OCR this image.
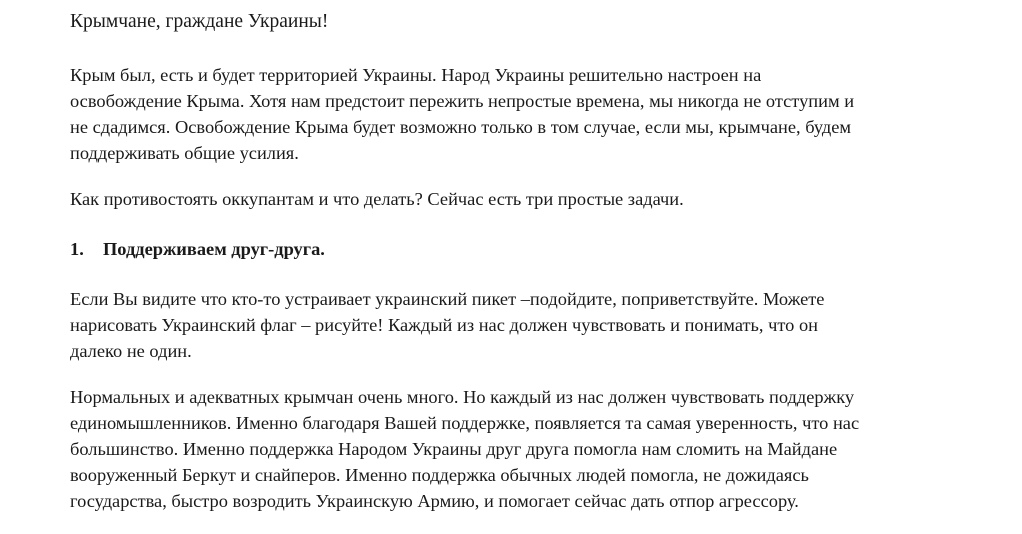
Крымчане, граждане Украины!
Крым был, есть и будет территорией Украины. Народ Украины решительно настроен на
освобождение Крыма. Хотя нам предстоит пережить непростые времена, мы никогда не отступим и
не сдадимся. Освобождение Крыма будет возможно только в том случае, если мы, крымчане, будем
поддерживать общие усилия.
Как противостоять оккупантам и что делать? Сейчас есть три простые задачи.
1. Поддерживаем друг-друга.
Если Вы видите что кто-то устраивает украинский пикет –подойдите, поприветствуйте. Можете
нарисовать Украинский флаг – рисуйте! Каждый из нас должен чувствовать и понимать, что он
далеко не один.
Нормальных и адекватных крымчан очень много. Но каждый из нас должен чувствовать поддержку
единомышленников. Именно благодаря Вашей поддержке, появляется та самая уверенность, что нас
большинство. Именно поддержка Народом Украины друг друга помогла нам сломить на Майдане
вооруженный Беркут и снайперов. Именно поддержка обычных людей помогла, не дожидаясь
государства, быстро возродить Украинскую Армию, и помогает сейчас дать отпор агрессору.
